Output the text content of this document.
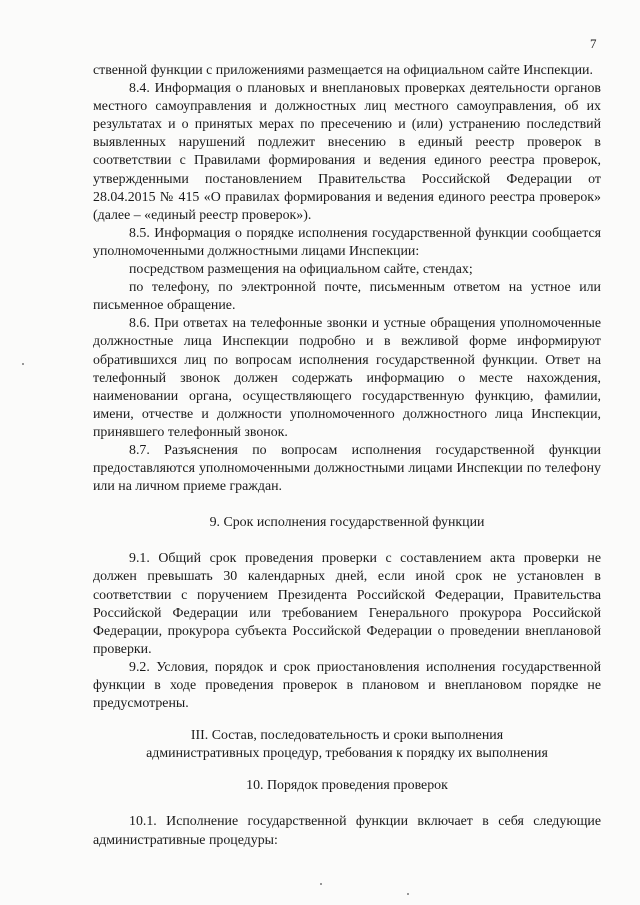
7

ственной функции с приложениями размещается на официальном сайте Инспекции.

8.4. Информация о плановых и внеплановых проверках деятельности органов местного самоуправления и должностных лиц местного самоуправления, об их результатах и о принятых мерах по пресечению и (или) устранению последствий выявленных нарушений подлежит внесению в единый реестр проверок в соответствии с Правилами формирования и ведения единого реестра проверок, утвержденными постановлением Правительства Российской Федерации от 28.04.2015 № 415 «О правилах формирования и ведения единого реестра проверок» (далее – «единый реестр проверок»).

8.5. Информация о порядке исполнения государственной функции сообщается уполномоченными должностными лицами Инспекции:

посредством размещения на официальном сайте, стендах;

по телефону, по электронной почте, письменным ответом на устное или письменное обращение.

8.6. При ответах на телефонные звонки и устные обращения уполномоченные должностные лица Инспекции подробно и в вежливой форме информируют обратившихся лиц по вопросам исполнения государственной функции. Ответ на телефонный звонок должен содержать информацию о месте нахождения, наименовании органа, осуществляющего государственную функцию, фамилии, имени, отчестве и должности уполномоченного должностного лица Инспекции, принявшего телефонный звонок.

8.7. Разъяснения по вопросам исполнения государственной функции предоставляются уполномоченными должностными лицами Инспекции по телефону или на личном приеме граждан.

9. Срок исполнения государственной функции

9.1. Общий срок проведения проверки с составлением акта проверки не должен превышать 30 календарных дней, если иной срок не установлен в соответствии с поручением Президента Российской Федерации, Правительства Российской Федерации или требованием Генерального прокурора Российской Федерации, прокурора субъекта Российской Федерации о проведении внеплановой проверки.

9.2. Условия, порядок и срок приостановления исполнения государственной функции в ходе проведения проверок в плановом и внеплановом порядке не предусмотрены.

III. Состав, последовательность и сроки выполнения

административных процедур, требования к порядку их выполнения

10. Порядок проведения проверок

10.1. Исполнение государственной функции включает в себя следующие административные процедуры:
